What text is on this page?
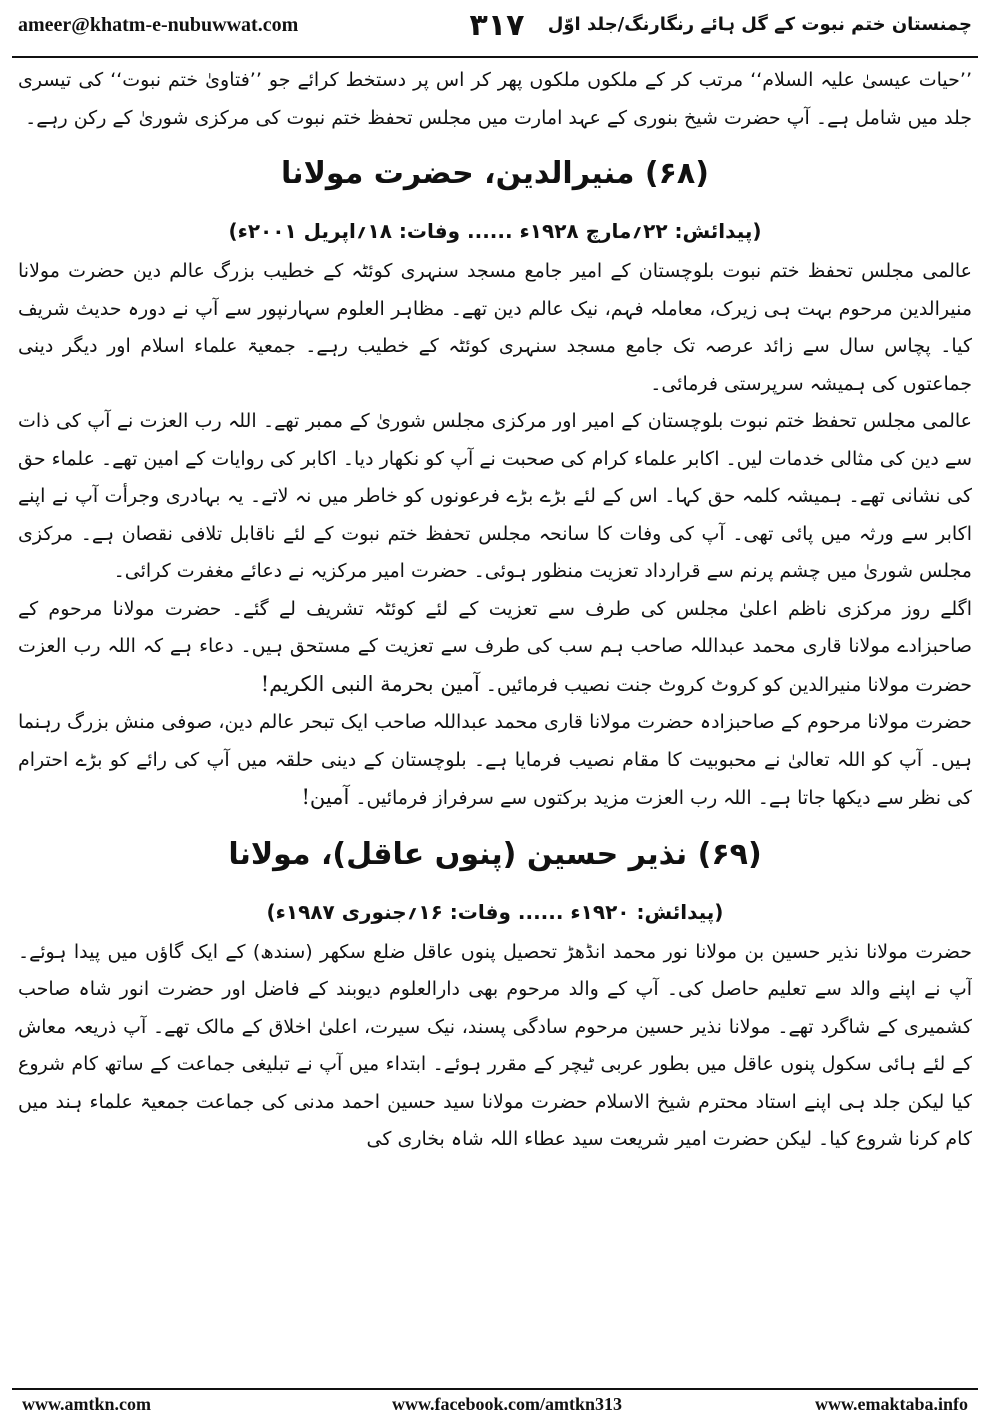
ameer@khatm-e-nubuwwat.com	۳۱۷	چمنستان ختم نبوت کے گل ہائے رنگارنگ/جلد اوّل

’’حیات عیسیٰ علیہ السلام‘‘ مرتب کر کے ملکوں ملکوں پھر کر اس پر دستخط کرائے جو ’’فتاویٰ ختم نبوت‘‘ کی تیسری جلد میں شامل ہے۔ آپ حضرت شیخ بنوری کے عہد امارت میں مجلس تحفظ ختم نبوت کی مرکزی شوریٰ کے رکن رہے۔

(۶۸) منیرالدین، حضرت مولانا
(پیدائش: ۲۲؍مارچ ۱۹۲۸ء ...... وفات: ۱۸؍اپریل ۲۰۰۱ء)

عالمی مجلس تحفظ ختم نبوت بلوچستان کے امیر جامع مسجد سنہری کوئٹہ کے خطیب بزرگ عالم دین حضرت مولانا منیرالدین مرحوم بہت ہی زیرک، معاملہ فہم، نیک عالم دین تھے۔ مظاہر العلوم سہارنپور سے آپ نے دورہ حدیث شریف کیا۔ پچاس سال سے زائد عرصہ تک جامع مسجد سنہری کوئٹہ کے خطیب رہے۔ جمعیۃ علماء اسلام اور دیگر دینی جماعتوں کی ہمیشہ سرپرستی فرمائی۔

عالمی مجلس تحفظ ختم نبوت بلوچستان کے امیر اور مرکزی مجلس شوریٰ کے ممبر تھے۔ اللہ رب العزت نے آپ کی ذات سے دین کی مثالی خدمات لیں۔ اکابر علماء کرام کی صحبت نے آپ کو نکھار دیا۔ اکابر کی روایات کے امین تھے۔ علماء حق کی نشانی تھے۔ ہمیشہ کلمہ حق کہا۔ اس کے لئے بڑے بڑے فرعونوں کو خاطر میں نہ لاتے۔ یہ بہادری وجرأت آپ نے اپنے اکابر سے ورثہ میں پائی تھی۔ آپ کی وفات کا سانحہ مجلس تحفظ ختم نبوت کے لئے ناقابل تلافی نقصان ہے۔ مرکزی مجلس شوریٰ میں چشم پرنم سے قرارداد تعزیت منظور ہوئی۔ حضرت امیر مرکزیہ نے دعائے مغفرت کرائی۔

اگلے روز مرکزی ناظم اعلیٰ مجلس کی طرف سے تعزیت کے لئے کوئٹہ تشریف لے گئے۔ حضرت مولانا مرحوم کے صاحبزادے مولانا قاری محمد عبداللہ صاحب ہم سب کی طرف سے تعزیت کے مستحق ہیں۔ دعاء ہے کہ اللہ رب العزت حضرت مولانا منیرالدین کو کروٹ کروٹ جنت نصیب فرمائیں۔ آمین بحرمة النبی الکریم!

حضرت مولانا مرحوم کے صاحبزادہ حضرت مولانا قاری محمد عبداللہ صاحب ایک تبحر عالم دین، صوفی منش بزرگ رہنما ہیں۔ آپ کو اللہ تعالیٰ نے محبوبیت کا مقام نصیب فرمایا ہے۔ بلوچستان کے دینی حلقہ میں آپ کی رائے کو بڑے احترام کی نظر سے دیکھا جاتا ہے۔ اللہ رب العزت مزید برکتوں سے سرفراز فرمائیں۔ آمین!

(۶۹) نذیر حسین (پنوں عاقل)، مولانا
(پیدائش: ۱۹۲۰ء ...... وفات: ۱۶؍جنوری ۱۹۸۷ء)

حضرت مولانا نذیر حسین بن مولانا نور محمد انڈھڑ تحصیل پنوں عاقل ضلع سکھر (سندھ) کے ایک گاؤں میں پیدا ہوئے۔ آپ نے اپنے والد سے تعلیم حاصل کی۔ آپ کے والد مرحوم بھی دارالعلوم دیوبند کے فاضل اور حضرت انور شاہ صاحب کشمیری کے شاگرد تھے۔ مولانا نذیر حسین مرحوم سادگی پسند، نیک سیرت، اعلیٰ اخلاق کے مالک تھے۔ آپ ذریعہ معاش کے لئے ہائی سکول پنوں عاقل میں بطور عربی ٹیچر کے مقرر ہوئے۔ ابتداء میں آپ نے تبلیغی جماعت کے ساتھ کام شروع کیا لیکن جلد ہی اپنے استاد محترم شیخ الاسلام حضرت مولانا سید حسین احمد مدنی کی جماعت جمعیۃ علماء ہند میں کام کرنا شروع کیا۔ لیکن حضرت امیر شریعت سید عطاء اللہ شاہ بخاری کی

www.amtkn.com	www.facebook.com/amtkn313	www.emaktaba.info
